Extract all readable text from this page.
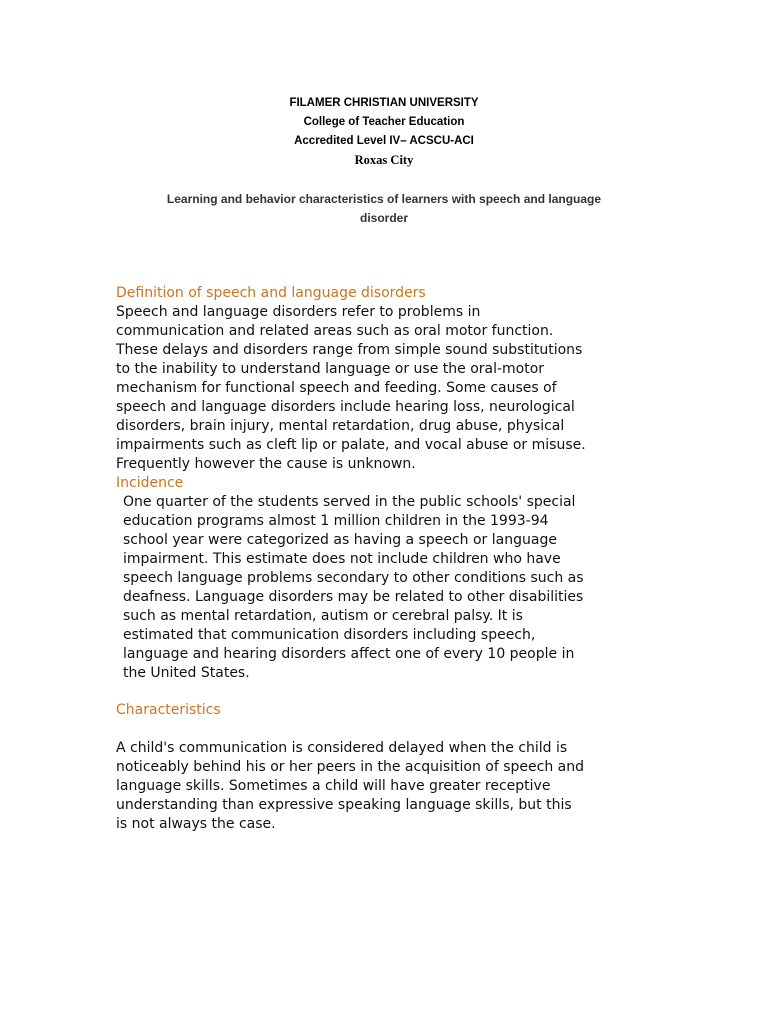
FILAMER CHRISTIAN UNIVERSITY
College of Teacher Education
Accredited Level IV– ACSCU-ACI
Roxas City
Learning and behavior characteristics of learners with speech and language
disorder
Definition of speech and language disorders

Speech and language disorders refer to problems in
communication and related areas such as oral motor function.
These delays and disorders range from simple sound substitutions
to the inability to understand language or use the oral-motor
mechanism for functional speech and feeding. Some causes of
speech and language disorders include hearing loss, neurological
disorders, brain injury, mental retardation, drug abuse, physical
impairments such as cleft lip or palate, and vocal abuse or misuse.
Frequently however the cause is unknown.

Incidence

One quarter of the students served in the public schools' special
education programs almost 1 million children in the 1993-94
school year were categorized as having a speech or language
impairment. This estimate does not include children who have
speech language problems secondary to other conditions such as
deafness. Language disorders may be related to other disabilities
such as mental retardation, autism or cerebral palsy. It is
estimated that communication disorders including speech,
language and hearing disorders affect one of every 10 people in
the United States.

Characteristics

A child's communication is considered delayed when the child is
noticeably behind his or her peers in the acquisition of speech and
language skills. Sometimes a child will have greater receptive
understanding than expressive speaking language skills, but this
is not always the case.
